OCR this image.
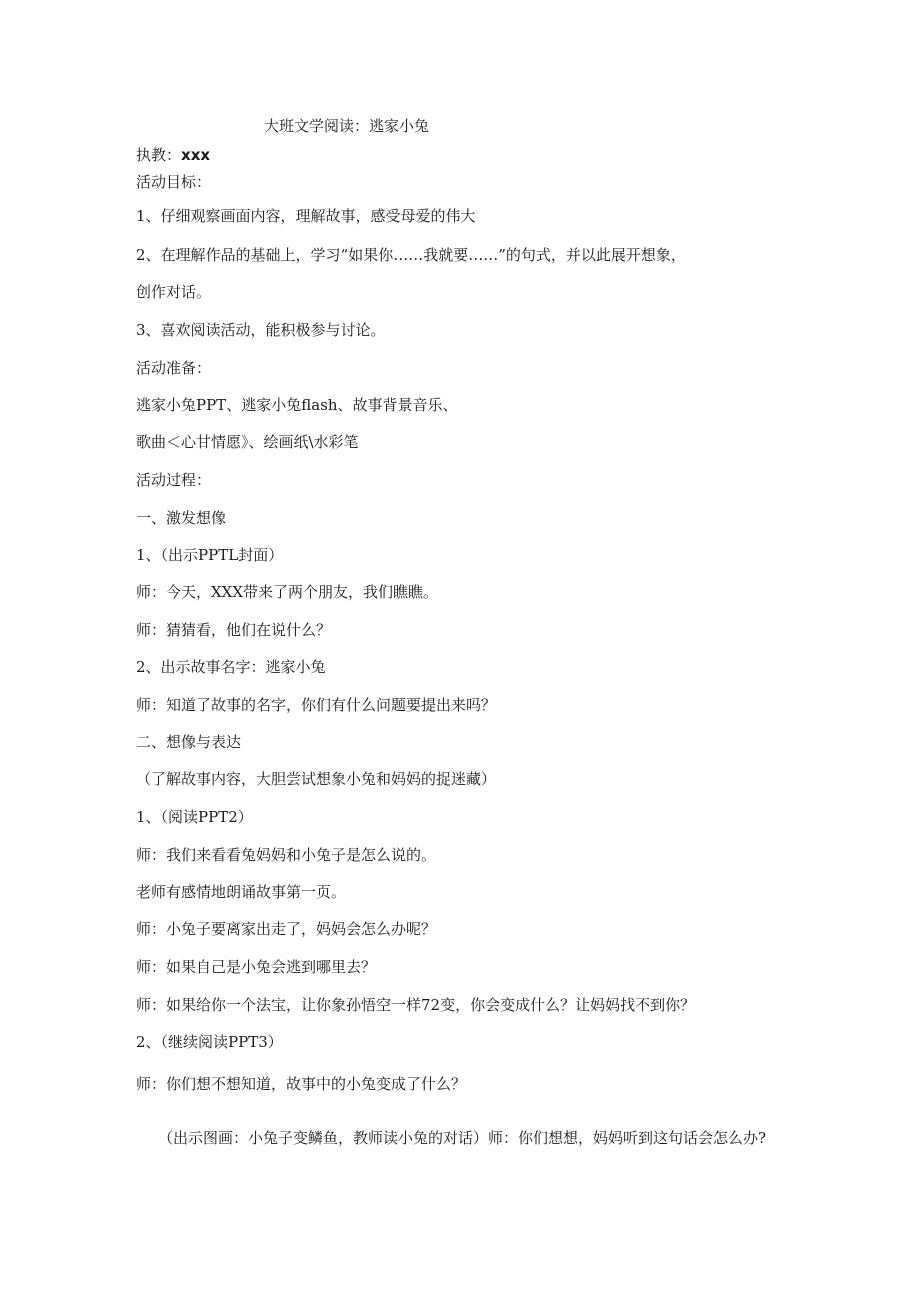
大班文学阅读：逃家小兔
执教：xxx
活动目标：
1、仔细观察画面内容，理解故事，感受母爱的伟大
2、在理解作品的基础上，学习“如果你……我就要……”的句式，并以此展开想象，
创作对话。
3、喜欢阅读活动，能积极参与讨论。
活动准备：
逃家小兔PPT、逃家小兔flash、故事背景音乐、
歌曲＜心甘情愿》、绘画纸\水彩笔
活动过程：
一、激发想像
1、（出示PPTL封面）
师：今天，XXX带来了两个朋友，我们瞧瞧。
师：猜猜看，他们在说什么？
2、出示故事名字：逃家小兔
师：知道了故事的名字，你们有什么问题要提出来吗？
二、想像与表达
（了解故事内容，大胆尝试想象小兔和妈妈的捉迷藏）
1、（阅读PPT2）
师：我们来看看兔妈妈和小兔子是怎么说的。
老师有感情地朗诵故事第一页。
师：小兔子要离家出走了，妈妈会怎么办呢？
师：如果自己是小兔会逃到哪里去？
师：如果给你一个法宝，让你象孙悟空一样72变，你会变成什么？让妈妈找不到你？
2、（继续阅读PPT3）
师：你们想不想知道，故事中的小兔变成了什么？
（出示图画：小兔子变鳞鱼，教师读小兔的对话）师：你们想想，妈妈听到这句话会怎么办?
